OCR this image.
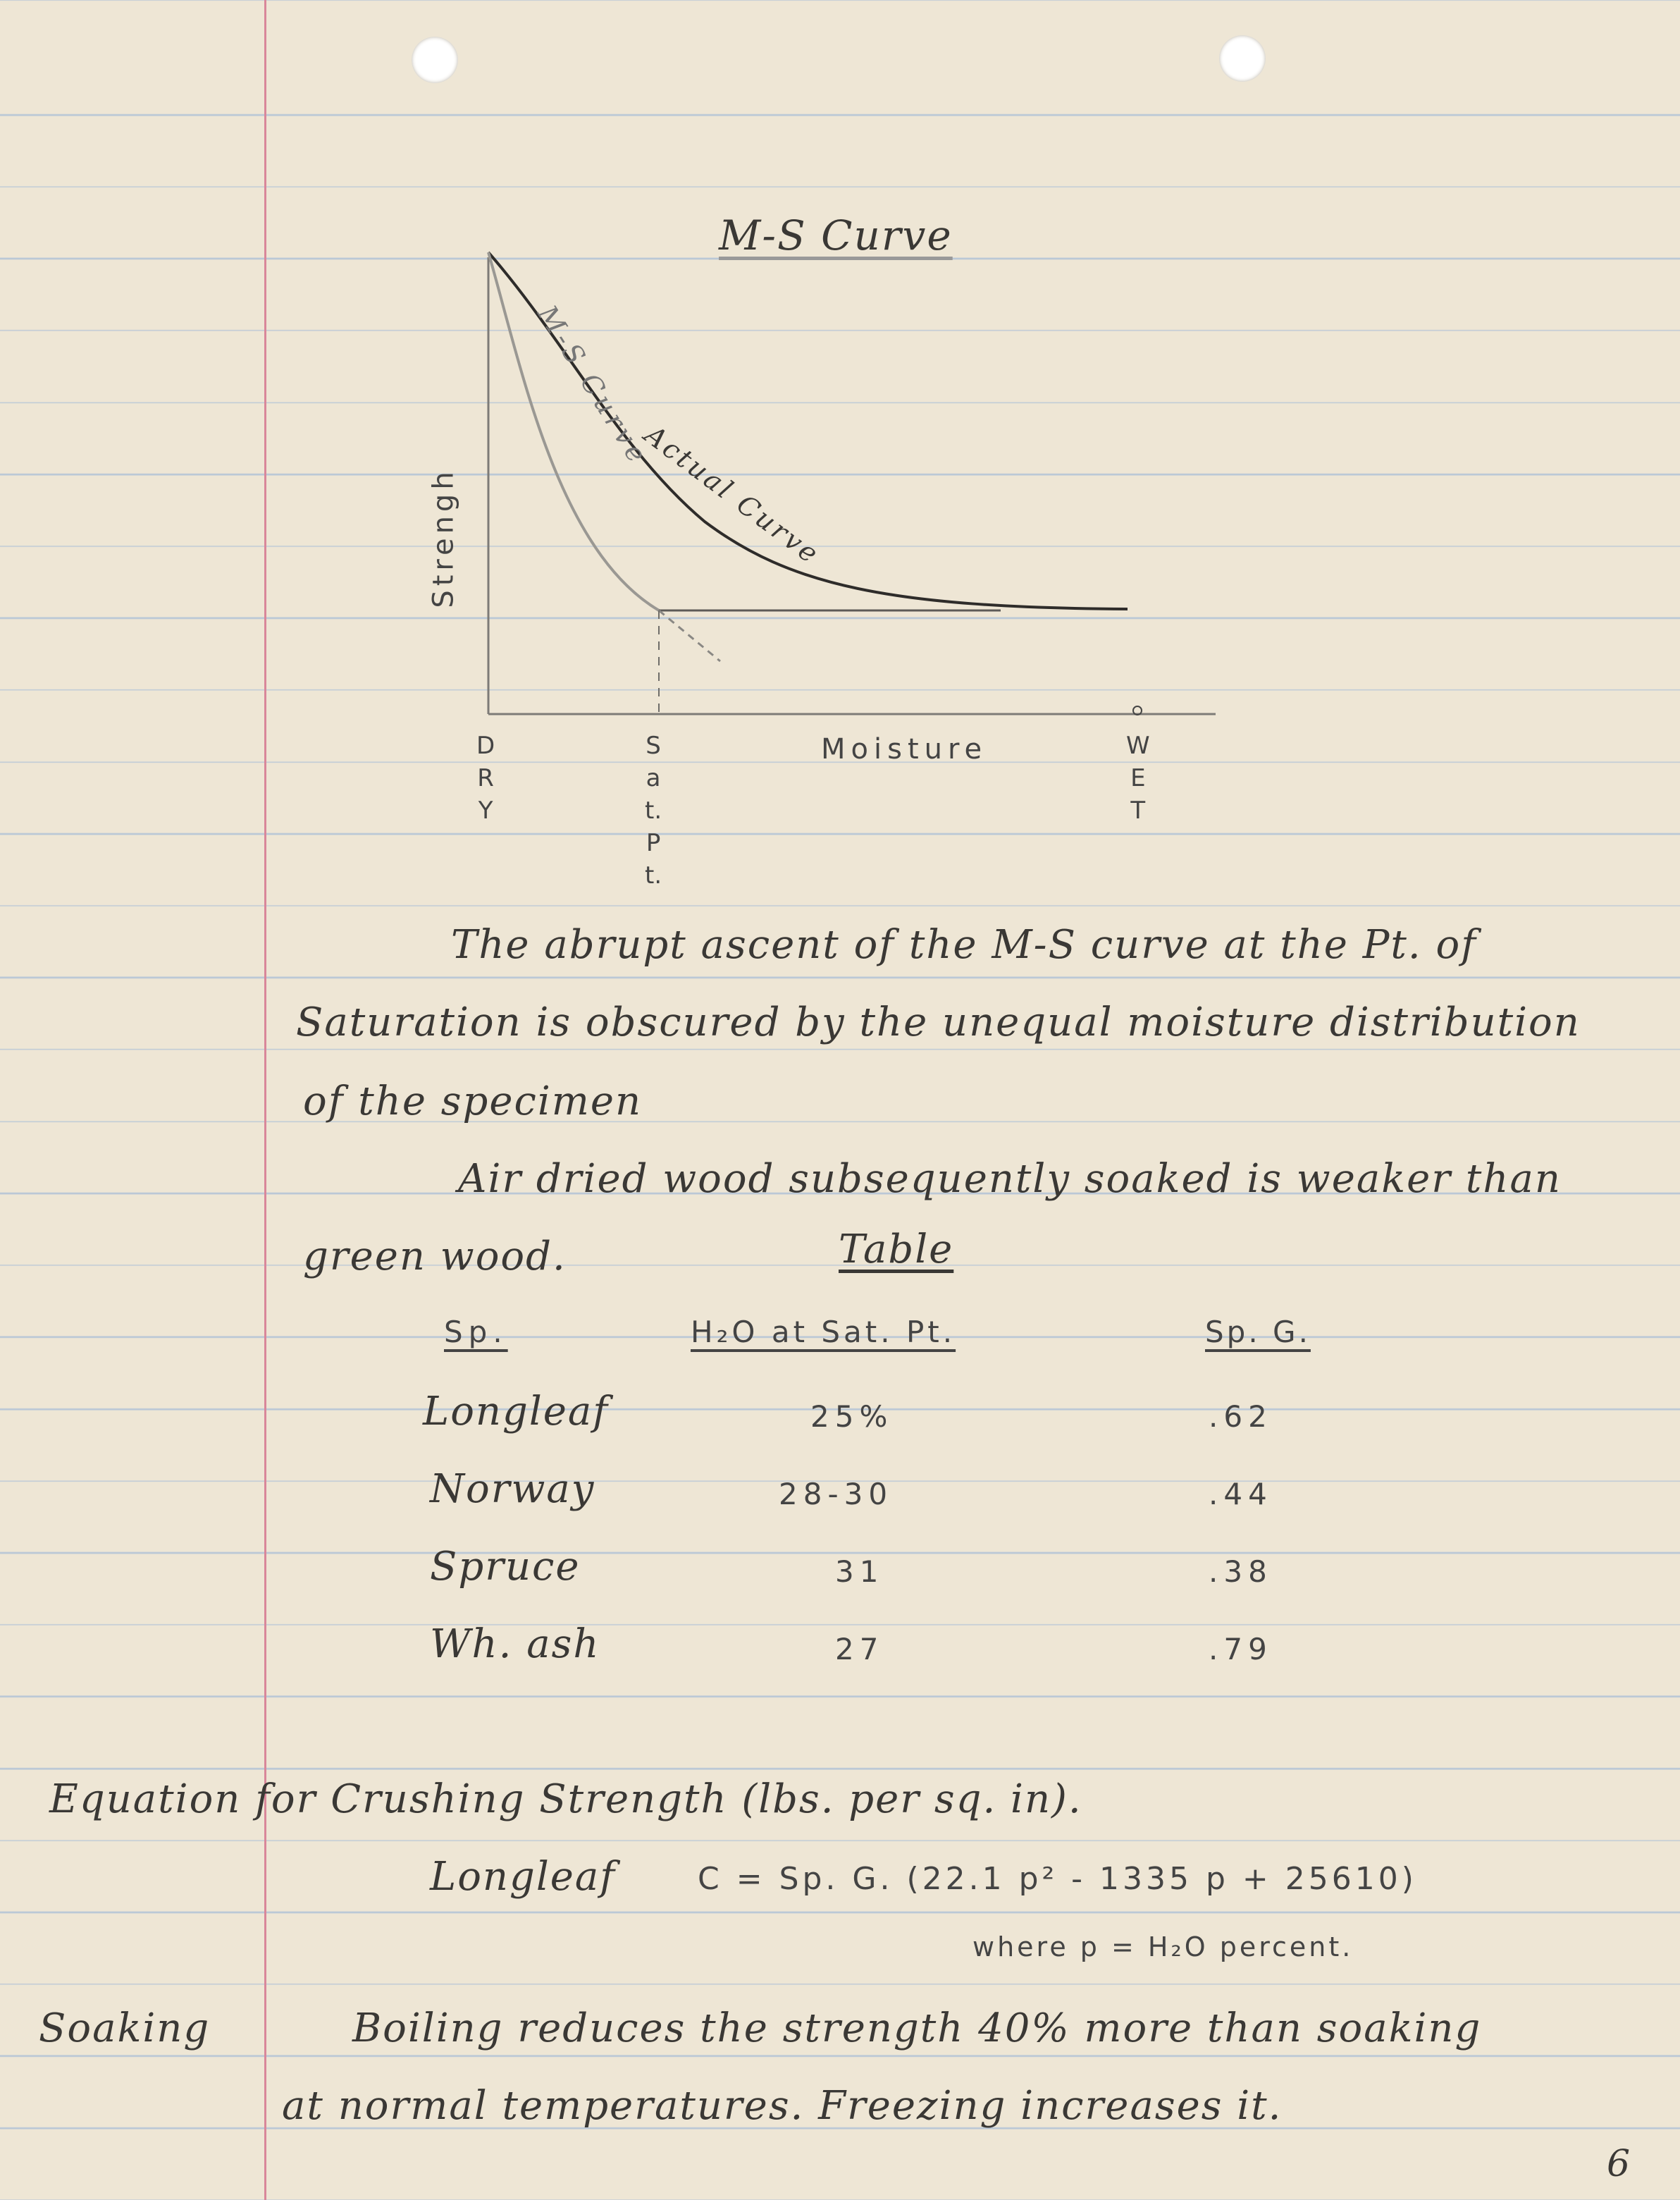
M-S Curve
Strengh
M-S Curve
Actual Curve
D
R
Y
S
a
t.
P
t.
W
E
T
Moisture
The abrupt ascent of the M-S curve at the Pt. of
Saturation is obscured by the unequal moisture distribution
of the specimen
Air dried wood subsequently soaked is weaker than
green wood.	Table
Sp.	H₂O at Sat. Pt.	Sp. G.
Longleaf	25%	.62
Norway	28-30	.44
Spruce	31	.38
Wh. ash	27	.79
Equation for Crushing Strength (lbs. per sq. in).
Longleaf	C = Sp. G. (22.1 p² - 1335 p + 25610)
where p = H₂O percent.
Soaking	Boiling reduces the strength 40% more than soaking
at normal temperatures. Freezing increases it.
6
